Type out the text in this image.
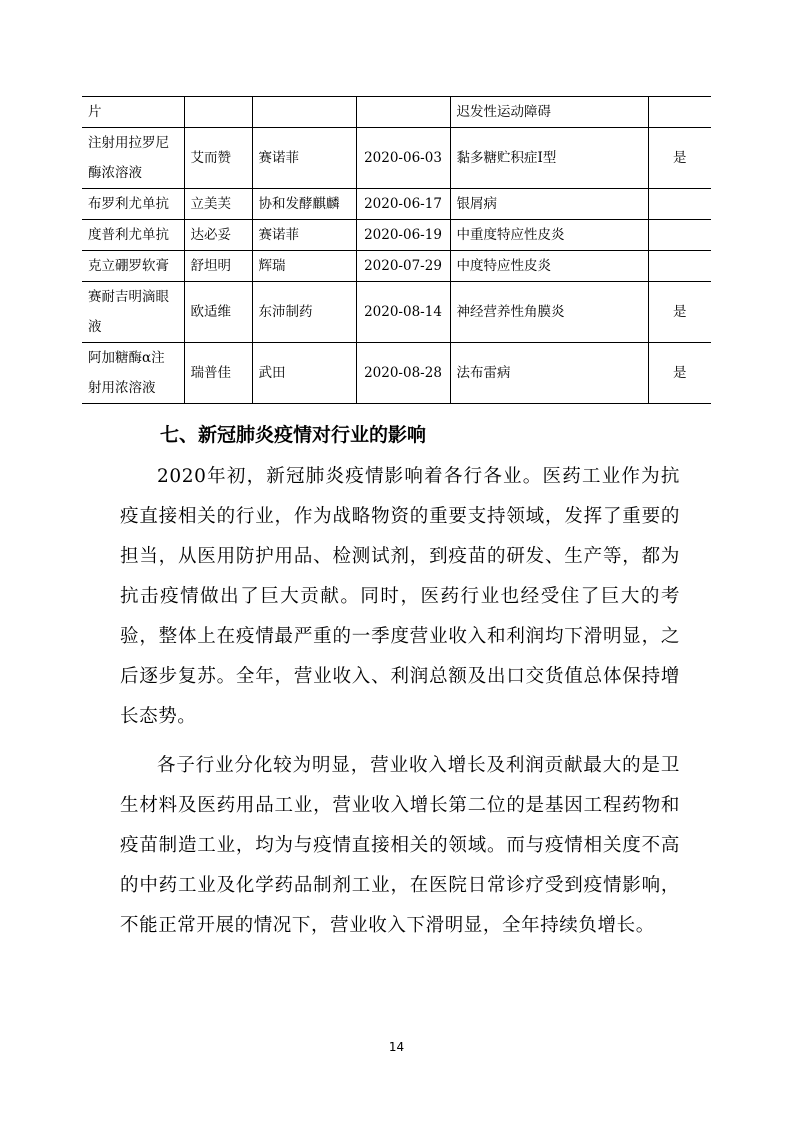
片				迟发性运动障碍	
注射用拉罗尼酶浓溶液	艾而赞	赛诺菲	2020-06-03	黏多糖贮积症Ⅰ型	是
布罗利尤单抗	立美芙	协和发酵麒麟	2020-06-17	银屑病	
度普利尤单抗	达必妥	赛诺菲	2020-06-19	中重度特应性皮炎	
克立硼罗软膏	舒坦明	辉瑞	2020-07-29	中度特应性皮炎	
赛耐吉明滴眼液	欧适维	东沛制药	2020-08-14	神经营养性角膜炎	是
阿加糖酶α注射用浓溶液	瑞普佳	武田	2020-08-28	法布雷病	是
七、新冠肺炎疫情对行业的影响

2020年初，新冠肺炎疫情影响着各行各业。医药工业作为抗疫直接相关的行业，作为战略物资的重要支持领域，发挥了重要的担当，从医用防护用品、检测试剂，到疫苗的研发、生产等，都为抗击疫情做出了巨大贡献。同时，医药行业也经受住了巨大的考验，整体上在疫情最严重的一季度营业收入和利润均下滑明显，之后逐步复苏。全年，营业收入、利润总额及出口交货值总体保持增长态势。

各子行业分化较为明显，营业收入增长及利润贡献最大的是卫生材料及医药用品工业，营业收入增长第二位的是基因工程药物和疫苗制造工业，均为与疫情直接相关的领域。而与疫情相关度不高的中药工业及化学药品制剂工业，在医院日常诊疗受到疫情影响，不能正常开展的情况下，营业收入下滑明显，全年持续负增长。

14
